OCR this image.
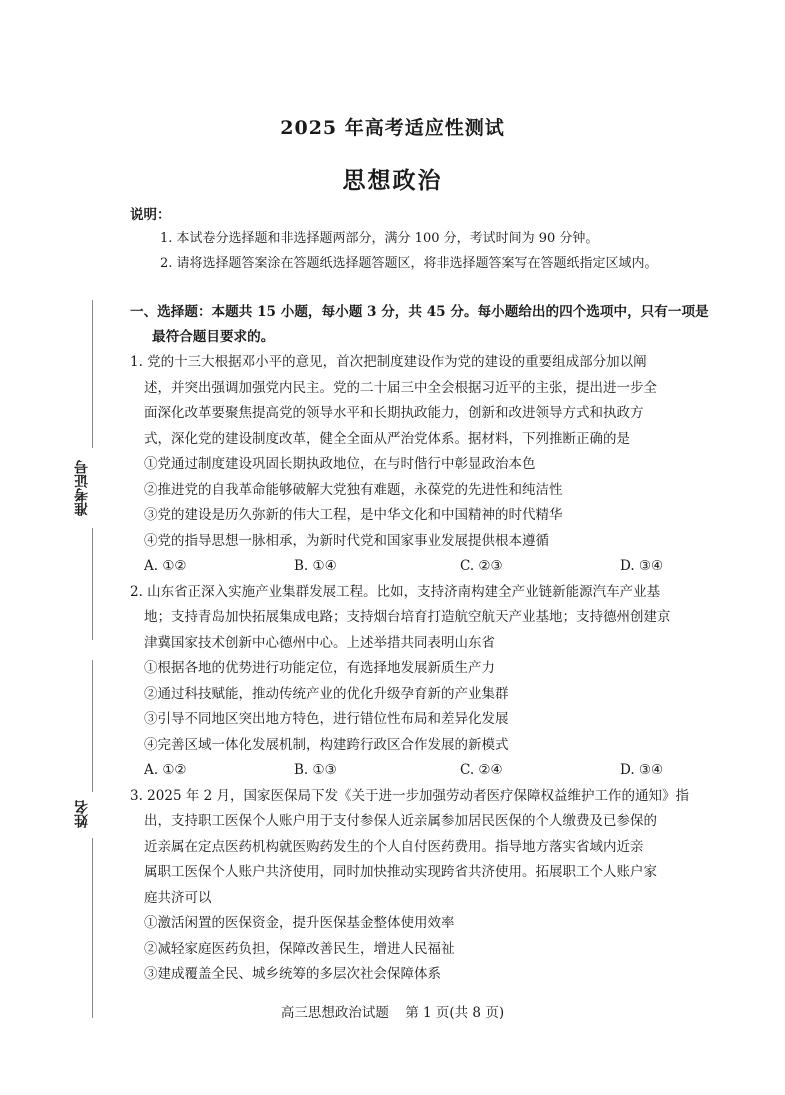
2025 年高考适应性测试
思想政治
说明：
1. 本试卷分选择题和非选择题两部分，满分 100 分，考试时间为 90 分钟。
2. 请将选择题答案涂在答题纸选择题答题区，将非选择题答案写在答题纸指定区域内。
准考证号
姓名
一、选择题：本题共 15 小题，每小题 3 分，共 45 分。每小题给出的四个选项中，只有一项是
最符合题目要求的。
1. 党的十三大根据邓小平的意见，首次把制度建设作为党的建设的重要组成部分加以阐
述，并突出强调加强党内民主。党的二十届三中全会根据习近平的主张，提出进一步全
面深化改革要聚焦提高党的领导水平和长期执政能力，创新和改进领导方式和执政方
式，深化党的建设制度改革，健全全面从严治党体系。据材料，下列推断正确的是
①党通过制度建设巩固长期执政地位，在与时偕行中彰显政治本色
②推进党的自我革命能够破解大党独有难题，永葆党的先进性和纯洁性
③党的建设是历久弥新的伟大工程，是中华文化和中国精神的时代精华
④党的指导思想一脉相承，为新时代党和国家事业发展提供根本遵循
A. ①②	B. ①④	C. ②③	D. ③④
2. 山东省正深入实施产业集群发展工程。比如，支持济南构建全产业链新能源汽车产业基
地；支持青岛加快拓展集成电路；支持烟台培育打造航空航天产业基地；支持德州创建京
津冀国家技术创新中心德州中心。上述举措共同表明山东省
①根据各地的优势进行功能定位，有选择地发展新质生产力
②通过科技赋能，推动传统产业的优化升级孕育新的产业集群
③引导不同地区突出地方特色，进行错位性布局和差异化发展
④完善区域一体化发展机制，构建跨行政区合作发展的新模式
A. ①②	B. ①③	C. ②④	D. ③④
3. 2025 年 2 月，国家医保局下发《关于进一步加强劳动者医疗保障权益维护工作的通知》指
出，支持职工医保个人账户用于支付参保人近亲属参加居民医保的个人缴费及已参保的
近亲属在定点医药机构就医购药发生的个人自付医药费用。指导地方落实省域内近亲
属职工医保个人账户共济使用，同时加快推动实现跨省共济使用。拓展职工个人账户家
庭共济可以
①激活闲置的医保资金，提升医保基金整体使用效率
②减轻家庭医药负担，保障改善民生，增进人民福祉
③建成覆盖全民、城乡统筹的多层次社会保障体系
高三思想政治试题 第 1 页(共 8 页)
